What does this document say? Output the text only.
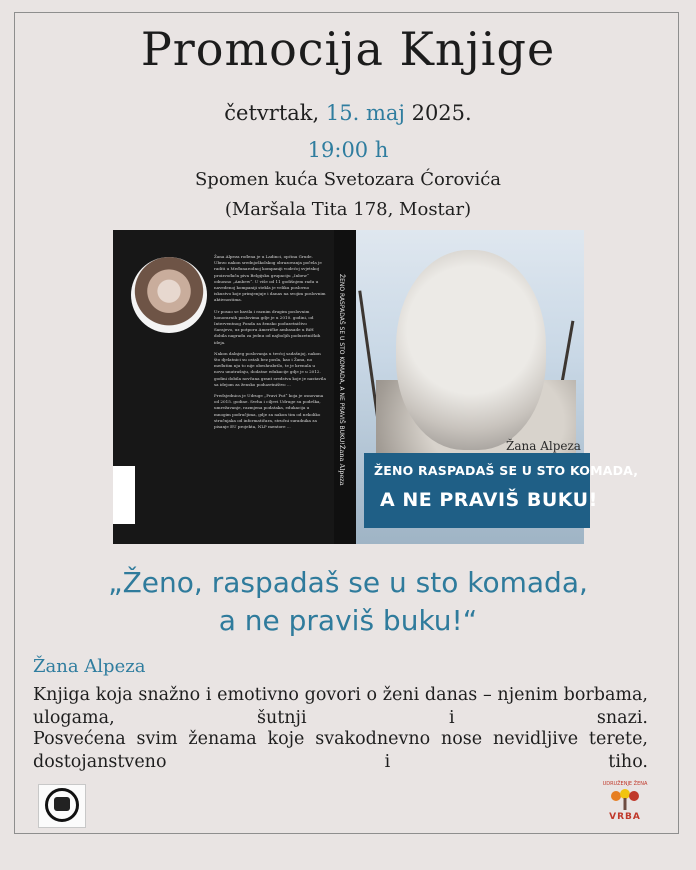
Promocija Knjige
četvrtak, 15. maj 2025.
19:00 h
Spomen kuća Svetozara Ćorovića
(Maršala Tita 178, Mostar)

Žana Alpeza rođena je u Ladinci, općina Grude. Ubrzo nakon srednjoškolskog obrazovanja počela je raditi u Međunarodnoj kompaniji vodećoj svjetskoj proizvođača piva Belgijsku grupaciju „Inbew“ odnosno „Ambew“. U više od 11 godišnjem radu u navedenoj kompaniji stekla je veliku poslovno iskustvo koje primjenjuje i danas na svojim poslovnim aktivnostima.

Ur posao se bavila i raznim drugim poslovnim honorarnih poslovima gdje je u 2010. godini, od Interventnog Fonda za žensko poduzetništvo Sarajevo, uz potporu Američke ambasade u BiH dobila nagradu za jednu od najboljih poduzetničkih ideja.

Nakon dalnjeg poslovanja u trećoj sadašnjoj, nakon što djelatnici su ostali bez posla, kao i Žana, no međutim nju to nije obeshrabrilo, te je krenula u novu unutrašnju, dodatne edukacije gdje je u 2012. godini dobila novčana grant sredstva koje je nastavila sa idejom za žensko poduzetništvo ...

Predsjednica je Udruge „Pravi Put“ koja je osnovana od 2015. godine. Svrha i ciljevi Udruge su podrška, umrežavanje, razmjena podataka, edukacija u mnogim područjima, gdje za nakon tim od nekoliko stručnjaka od informatičara, stručni suradnika za pisanje EU projekta, NLP mentore ...	ŽENO RASPADAŠ SE U STO KOMADA, A NE PRAVIŠ BUKU!
Žana Alpeza	Žana Alpeza
ŽENO RASPADAŠ SE U STO KOMADA,
A NE PRAVIŠ BUKU!
„Ženo, raspadaš se u sto komada,
a ne praviš buku!“
Žana Alpeza
Knjiga koja snažno i emotivno govori o ženi danas – njenim borbama, ulogama, šutnji i snazi.
Posvećena svim ženama koje svakodnevno nose nevidljive terete, dostojanstveno i tiho.
UDRUŽENJE ŽENA
VRBA
